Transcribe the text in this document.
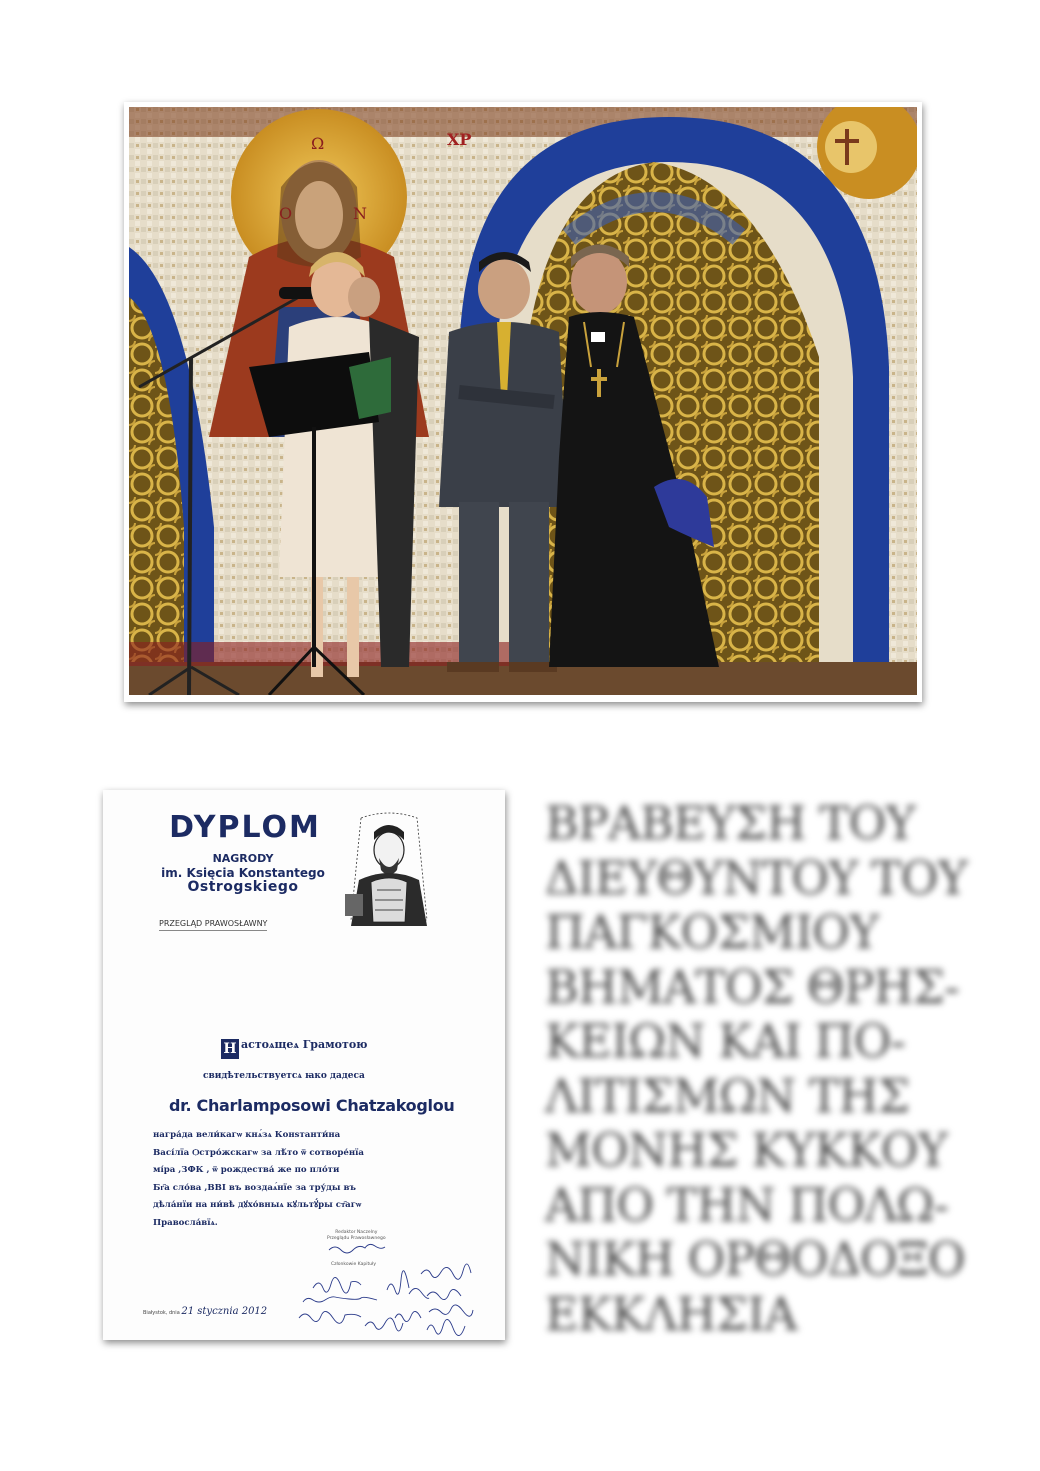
Ο
Ω
Ν
ΧΡ
DYPLOM
NAGRODY
im. Księcia Konstantego
Ostrogskiego
PRZEGLĄD PRAWOSŁAWNY
Н астоѧщеѧ Грамотою
свидѣтельствуетсѧ ꙗко дадеса
dr. Charlamposowi Chatzakoglou
награ́да вели́кагѡ кнѧ́зѧ Конѕтанти́на
Васı́лїа Ѻстро́жскагѡ за лѣ́то ѿ сотворе́нїа
мı́ра ,ЗФК , ѿ рождества́ же по пло́ти
Бг҃а сло́ва ,ВВІ въ воздаѧ́нїе за тру́ды въ
дѣла́нїи на ни́вѣ дꙋхо́вныѧ кꙋльтꙋ́ры ст҃агѡ
Правосла́вїѧ.
Redaktor Naczelny
Przeglądu Prawosławnego
Członkowie Kapituły
Białystok, dnia 21 stycznia 2012
ΒΡΑΒΕΥΣΗ ΤΟΥ
ΔΙΕΥΘΥΝΤΟΥ ΤΟΥ
ΠΑΓΚΟΣΜΙΟΥ
ΒΗΜΑΤΟΣ ΘΡΗΣ-
ΚΕΙΩΝ ΚΑΙ ΠΟ-
ΛΙΤΙΣΜΩΝ ΤΗΣ
ΜΟΝΗΣ ΚΥΚΚΟΥ
ΑΠΟ ΤΗΝ ΠΟΛΩ-
ΝΙΚΗ ΟΡΘΟΔΟΞΟ
ΕΚΚΛΗΣΙΑ
